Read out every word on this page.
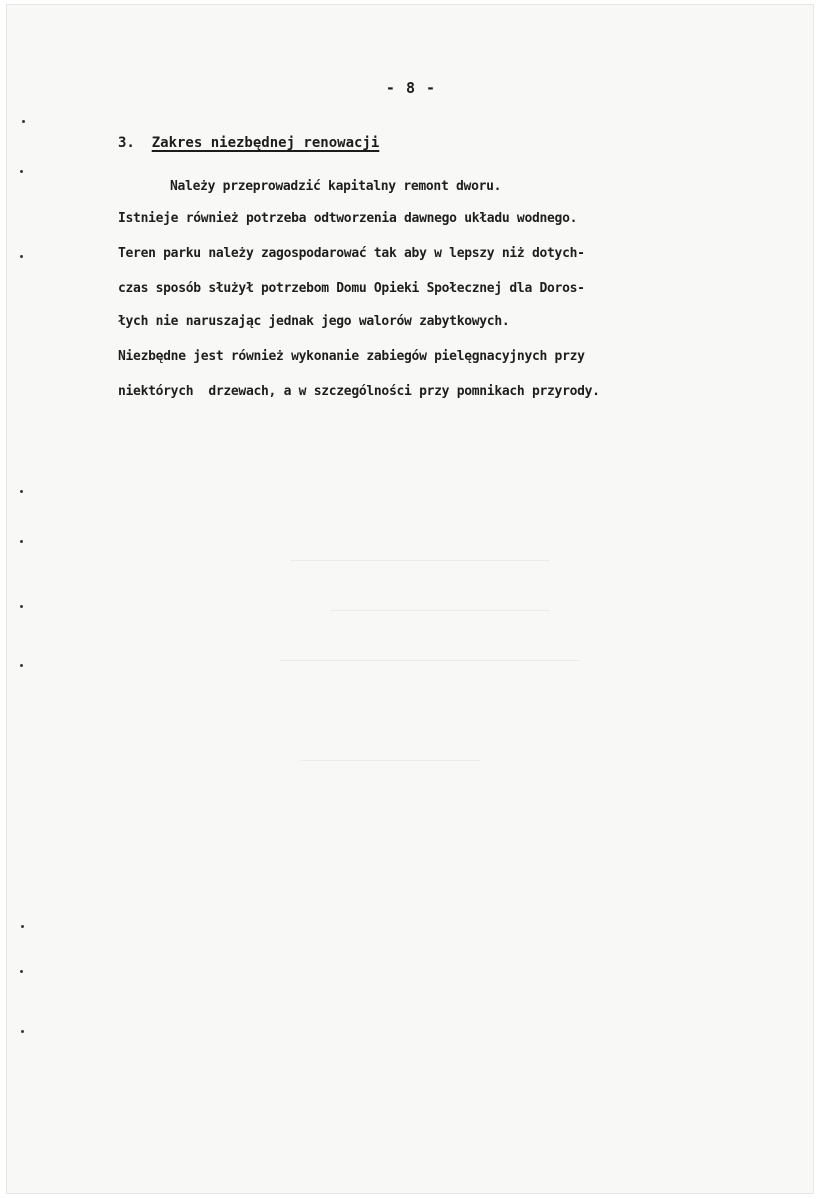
- 8 -
3. Zakres niezbędnej renowacji
Należy przeprowadzić kapitalny remont dworu.
Istnieje również potrzeba odtworzenia dawnego układu wodnego.
Teren parku należy zagospodarować tak aby w lepszy niż dotych-
czas sposób służył potrzebom Domu Opieki Społecznej dla Doros-
łych nie naruszając jednak jego walorów zabytkowych.
Niezbędne jest również wykonanie zabiegów pielęgnacyjnych przy
niektórych  drzewach, a w szczególności przy pomnikach przyrody.
